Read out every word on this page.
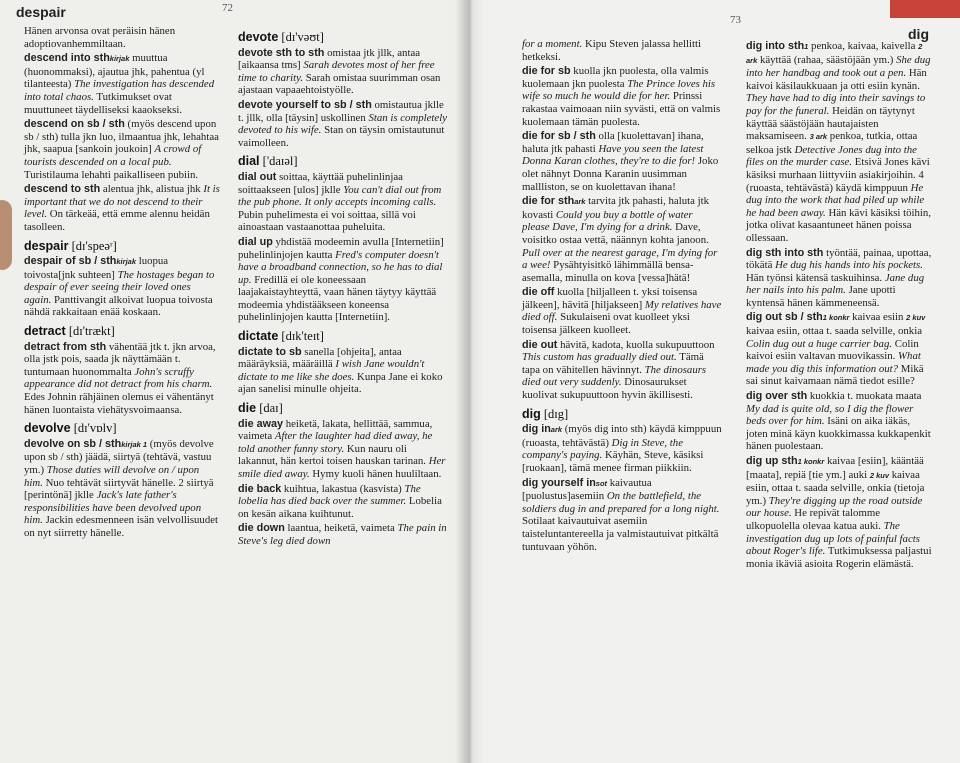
despair	72

Hänen arvonsa ovat peräisin hänen adoptiovanhemmiltaan.

descend into sthkirjak muuttua (huonommaksi), ajautua jhk, pahentua (yl tilanteesta) The investigation has descended into total chaos. Tutkimukset ovat muuttuneet täydelliseksi kaaokseksi.

descend on sb / sth (myös descend upon sb / sth) tulla jkn luo, ilmaantua jhk, lehahtaa jhk, saapua [sankoin joukoin] A crowd of tourists descended on a local pub. Turistilauma lehahti paikalliseen pubiin.

descend to sth alentua jhk, alistua jhk It is important that we do not descend to their level. On tärkeää, että emme alennu heidän tasolleen.

despair [dɪ'speəʳ]

despair of sb / sthkirjak luopua toivosta[jnk suhteen] The hostages began to despair of ever seeing their loved ones again. Panttivangit alkoivat luopua toivosta nähdä rakkaitaan enää koskaan.

detract [dɪ'trækt]

detract from sth vähentää jtk t. jkn arvoa, olla jstk pois, saada jk näyttämään t. tuntumaan huonommalta John's scruffy appearance did not detract from his charm. Edes Johnin rähjäinen olemus ei vähentänyt hänen luontaista viehätysvoimaansa.

devolve [dɪ'vɒlv]

devolve on sb / sthkirjak 1 (myös devolve upon sb / sth) jäädä, siirtyä (tehtävä, vastuu ym.) Those duties will devolve on / upon him. Nuo tehtävät siirtyvät hänelle. 2 siirtyä [perintönä] jkllе Jack's late father's responsibilities have been devolved upon him. Jackin edesmenneen isän velvollisuudet on nyt siirretty hänelle.

devote [dɪ'vəʊt]

devote sth to sth omistaa jtk jllk, antaa [aikaansa tms] Sarah devotes most of her free time to charity. Sarah omistaa suurimman osan ajastaan vapaaehtoistyölle.

devote yourself to sb / sth omistautua jklle t. jllk, olla [täysin] uskollinen Stan is completely devoted to his wife. Stan on täysin omistautunut vaimolleen.

dial ['daɪəl]

dial out soittaa, käyttää puhelinlinjaa soittaakseen [ulos] jklle You can't dial out from the pub phone. It only accepts incoming calls. Pubin puhelimesta ei voi soittaa, sillä voi ainoastaan vastaanottaa puheluita.

dial up yhdistää modeemin avulla [Internetiin] puhelinlinjojen kautta Fred's computer doesn't have a broadband connection, so he has to dial up. Fredillä ei ole koneessaan laajakaistayhteyttä, vaan hänen täytyy käyttää modeemia yhdistääkseen koneensa puhelinlinjojen kautta [Internetiin].

dictate [dɪk'teɪt]

dictate to sb sanella [ohjeita], antaa määräyksiä, määräillä I wish Jane wouldn't dictate to me like she does. Kunpa Jane ei koko ajan sanelisi minulle ohjeita.

die [daɪ]

die away heiketä, lakata, hellittää, sammua, vaimeta After the laughter had died away, he told another funny story. Kun nauru oli lakannut, hän kertoi toisen hauskan tarinan. Her smile died away. Hymy kuoli hänen huuliltaan.

die back kuihtua, lakastua (kasvista) The lobelia has died back over the summer. Lobelia on kesän aikana kuihtunut.

die down laantua, heiketä, vaimeta The pain in Steve's leg died down

73
dig

for a moment. Kipu Steven jalassa hellitti hetkeksi.

die for sb kuolla jkn puolesta, olla valmis kuolemaan jkn puolesta The Prince loves his wife so much he would die for her. Prinssi rakastaa vaimoaan niin syvästi, että on valmis kuolemaan tämän puolesta.

die for sb / sth olla [kuolettavan] ihana, haluta jtk pahasti Have you seen the latest Donna Karan clothes, they're to die for! Joko olet nähnyt Donna Karanin uusimman mallliston, se on kuolettavan ihana!

die for sthark tarvita jtk pahasti, haluta jtk kovasti Could you buy a bottle of water please Dave, I'm dying for a drink. Dave, voisitko ostaa vettä, näännyn kohta janoon. Pull over at the nearest garage, I'm dying for a wee! Pysähtyisitkö lähimmällä bensa-asemalla, minulla on kova [vessa]hätä!

die off kuolla [hiljalleen t. yksi toisensa jälkeen], hävitä [hiljakseen] My relatives have died off. Sukulaiseni ovat kuolleet yksi toisensa jälkeen kuolleet.

die out hävitä, kadota, kuolla sukupuuttoon This custom has gradually died out. Tämä tapa on vähitellen hävinnyt. The dinosaurs died out very suddenly. Dinosaurukset kuolivat sukupuuttoon hyvin äkillisesti.

dig [dɪg]

dig inark (myös dig into sth) käydä kimppuun (ruoasta, tehtävästä) Dig in Steve, the company's paying. Käyhän, Steve, käsiksi [ruokaan], tämä menee firman piikkiin.

dig yourself insot kaivautua [puolustus]asemiin On the battlefield, the soldiers dug in and prepared for a long night. Sotilaat kaivautuivat asemiin taisteluntantereella ja valmistautuivat pitkältä tuntuvaan yöhön.

dig into sth1 penkoa, kaivaa, kaivella 2 ark käyttää (rahaa, säästöjään ym.) She dug into her handbag and took out a pen. Hän kaivoi käsilaukkuaan ja otti esiin kynän. They have had to dig into their savings to pay for the funeral. Heidän on täytynyt käyttää säästöjään hautajaisten maksamiseen. 3 ark penkoa, tutkia, ottaa selkoa jstk Detective Jones dug into the files on the murder case. Etsivä Jones kävi käsiksi murhaan liittyviin asiakirjoihin. 4 (ruoasta, tehtävästä) käydä kimppuun He dug into the work that had piled up while he had been away. Hän kävi käsiksi töihin, jotka olivat kasaantuneet hänen poissa ollessaan.

dig sth into sth työntää, painaa, upottaa, tökätä He dug his hands into his pockets. Hän työnsi kätensä taskuihinsa. Jane dug her nails into his palm. Jane upotti kyntensä hänen kämmeneensä.

dig out sb / sth1 konkr kaivaa esiin 2 kuv kaivaa esiin, ottaa t. saada selville, onkia Colin dug out a huge carrier bag. Colin kaivoi esiin valtavan muovikassin. What made you dig this information out? Mikä sai sinut kaivamaan nämä tiedot esille?

dig over sth kuokkia t. muokata maata My dad is quite old, so I dig the flower beds over for him. Isäni on aika iäkäs, joten minä käyn kuokkimassa kukkapenkit hänen puolestaan.

dig up sth1 konkr kaivaa [esiin], kääntää [maata], repiä [tie ym.] auki 2 kuv kaivaa esiin, ottaa t. saada selville, onkia (tietoja ym.) They're digging up the road outside our house. He repivät talomme ulkopuolella olevaa katua auki. The investigation dug up lots of painful facts about Roger's life. Tutkimuksessa paljastui monia ikäviä asioita Rogerin elämästä.
